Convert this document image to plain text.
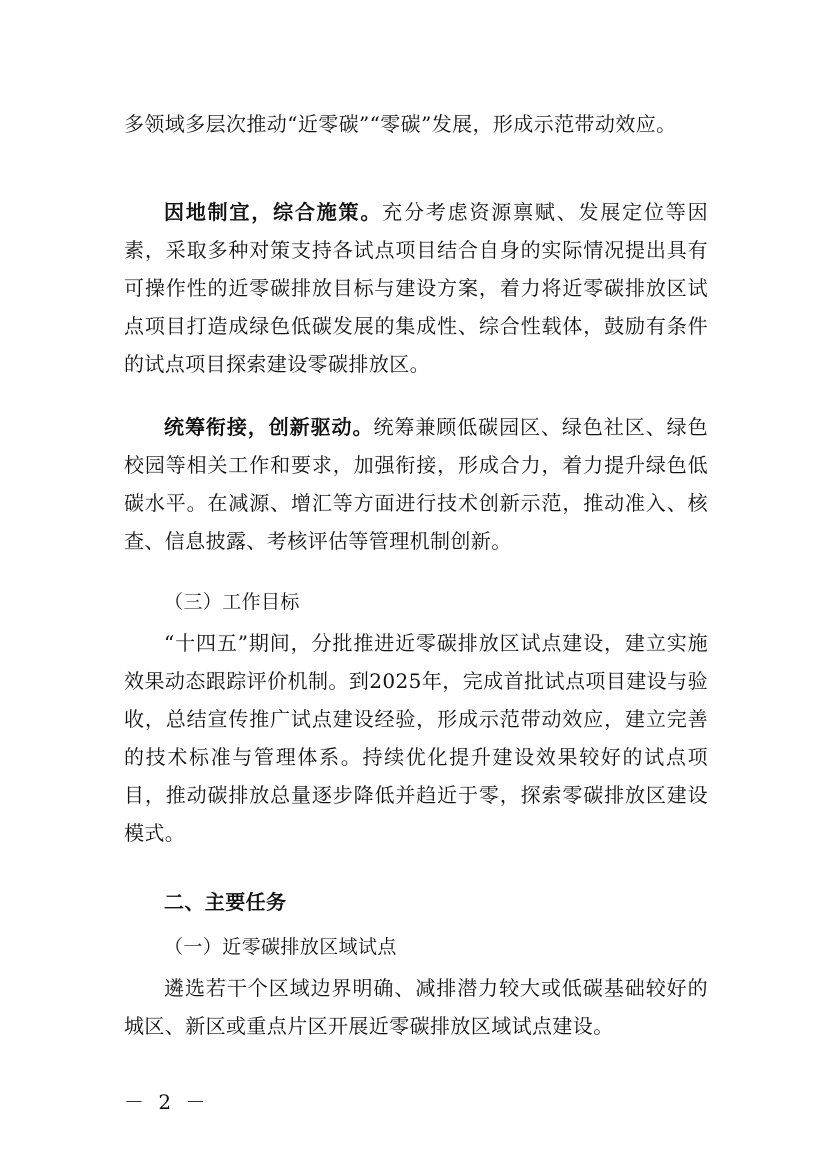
多领域多层次推动“近零碳”“零碳”发展，形成示范带动效应。

因地制宜，综合施策。充分考虑资源禀赋、发展定位等因素，采取多种对策支持各试点项目结合自身的实际情况提出具有可操作性的近零碳排放目标与建设方案，着力将近零碳排放区试点项目打造成绿色低碳发展的集成性、综合性载体，鼓励有条件的试点项目探索建设零碳排放区。

统筹衔接，创新驱动。统筹兼顾低碳园区、绿色社区、绿色校园等相关工作和要求，加强衔接，形成合力，着力提升绿色低碳水平。在减源、增汇等方面进行技术创新示范，推动准入、核查、信息披露、考核评估等管理机制创新。

（三）工作目标

“十四五”期间，分批推进近零碳排放区试点建设，建立实施效果动态跟踪评价机制。到2025年，完成首批试点项目建设与验收，总结宣传推广试点建设经验，形成示范带动效应，建立完善的技术标准与管理体系。持续优化提升建设效果较好的试点项目，推动碳排放总量逐步降低并趋近于零，探索零碳排放区建设模式。

二、主要任务

（一）近零碳排放区域试点

遴选若干个区域边界明确、减排潜力较大或低碳基础较好的城区、新区或重点片区开展近零碳排放区域试点建设。

－ 2 －
